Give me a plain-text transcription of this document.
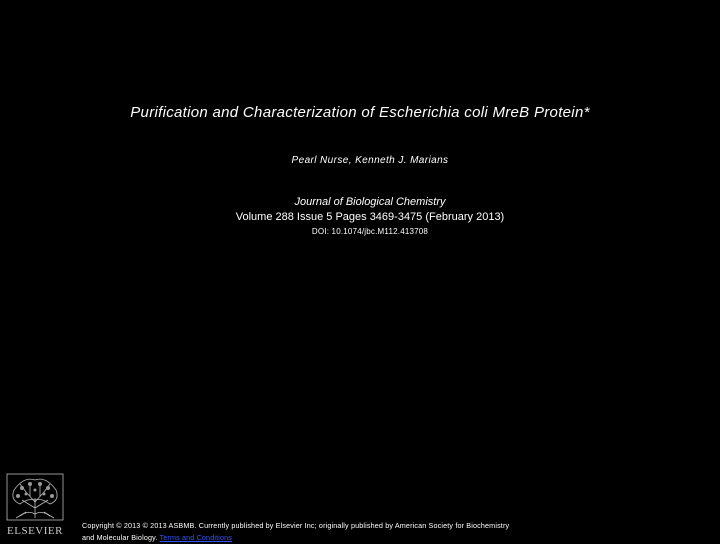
Purification and Characterization of Escherichia coli MreB Protein*
Pearl Nurse, Kenneth J. Marians
Journal of Biological Chemistry
Volume 288 Issue 5 Pages 3469-3475 (February 2013)
DOI: 10.1074/jbc.M112.413708
ELSEVIER	Copyright © 2013 © 2013 ASBMB. Currently published by Elsevier Inc; originally published by American Society for Biochemistry and Molecular Biology. Terms and Conditions
